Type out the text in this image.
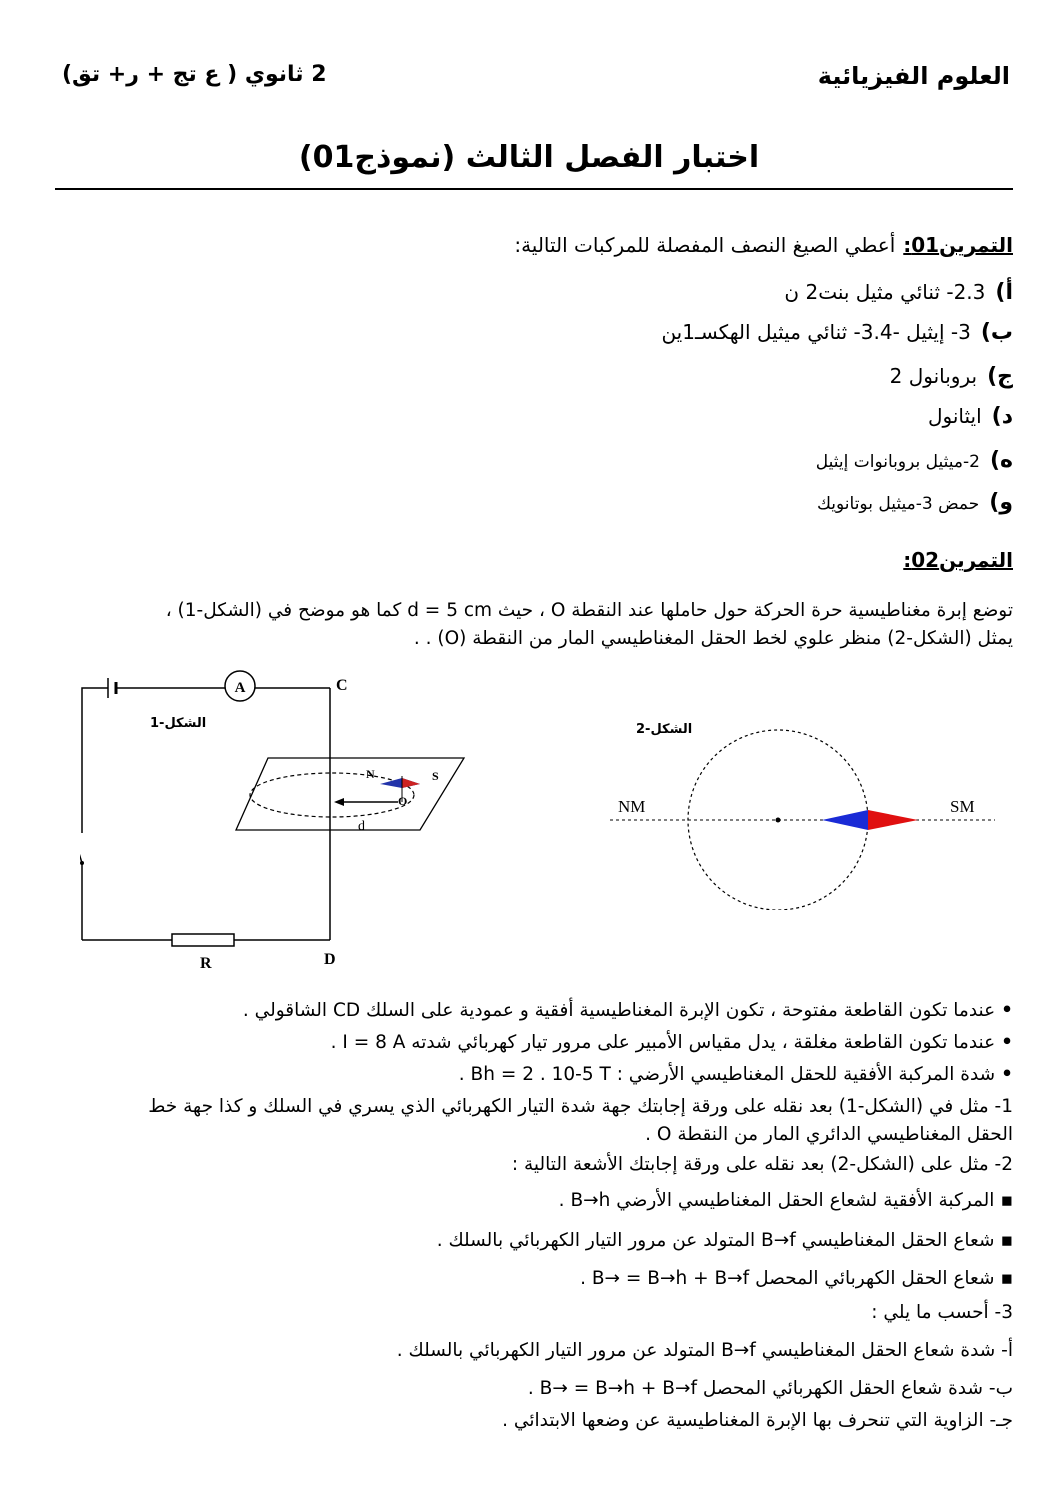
العلوم الفيزيائية
2 ثانوي ( ع تج + ر+ تق)
اختبار الفصل الثالث (نموذج01)
التمرين01:
أعطي الصيغ النصف المفصلة للمركبات التالية:
أ)
2.3- ثنائي مثيل بنت2 ن
ب)
3- إيثيل -3.4- ثنائي ميثيل الهكسـ1ين
ج)
بروبانول 2
د)
ايثانول
ه)
2-ميثيل بروبانوات إيثيل
و)
حمض 3-ميثيل بوتانويك
التمرين02:
توضع إبرة مغناطيسية حرة الحركة حول حاملها عند النقطة O ، حيث d = 5 cm كما هو موضح في (الشكل-1) ،
يمثل (الشكل-2) منظر علوي لخط الحقل المغناطيسي المار من النقطة (O) . .
A	C
D
R
N	S
O
d
الشكل-1
NM	SM
الشكل-2
•عندما تكون القاطعة مفتوحة ، تكون الإبرة المغناطيسية أفقية و عمودية على السلك CD الشاقولي .
•عندما تكون القاطعة مغلقة ، يدل مقياس الأمبير على مرور تيار كهربائي شدته I = 8 A .
•شدة المركبة الأفقية للحقل المغناطيسي الأرضي : Bh = 2 . 10-5 T .
1- مثل في (الشكل-1) بعد نقله على ورقة إجابتك جهة شدة التيار الكهربائي الذي يسري في السلك و كذا جهة خط
الحقل المغناطيسي الدائري المار من النقطة O .
2- مثل على (الشكل-2) بعد نقله على ورقة إجابتك الأشعة التالية :
▪المركبة الأفقية لشعاع الحقل المغناطيسي الأرضي B→h .
▪شعاع الحقل المغناطيسي B→f المتولد عن مرور التيار الكهربائي بالسلك .
▪شعاع الحقل الكهربائي المحصل B→ = B→h + B→f .
3- أحسب ما يلي :
أ- شدة شعاع الحقل المغناطيسي B→f المتولد عن مرور التيار الكهربائي بالسلك .
ب- شدة شعاع الحقل الكهربائي المحصل B→ = B→h + B→f .
جـ- الزاوية التي تنحرف بها الإبرة المغناطيسية عن وضعها الابتدائي .
